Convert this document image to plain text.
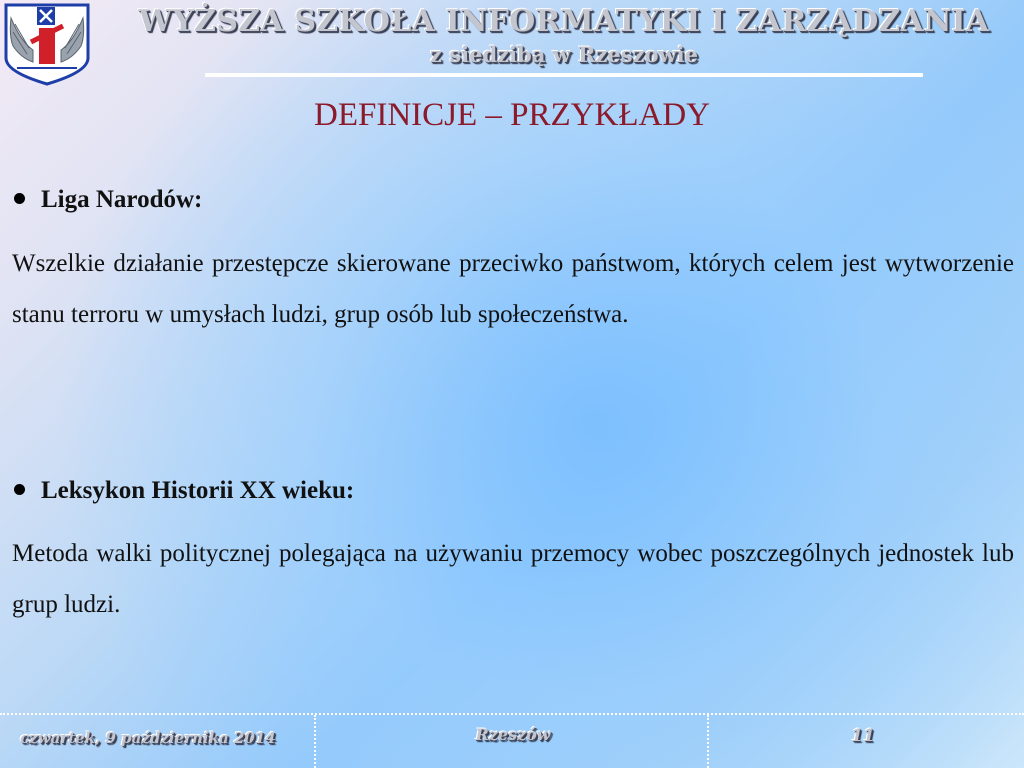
WYŻSZA SZKOŁA INFORMATYKI I ZARZĄDZANIA
z siedzibą w Rzeszowie
DEFINICJE – PRZYKŁADY
Liga Narodów:
Wszelkie działanie przestępcze skierowane przeciwko państwom, których celem jest wytworzenie stanu terroru w umysłach ludzi, grup osób lub społeczeństwa.
Leksykon Historii XX wieku:
Metoda walki politycznej polegająca na używaniu przemocy wobec poszczególnych jednostek lub grup ludzi.
czwartek, 9 października 2014	Rzeszów	11
